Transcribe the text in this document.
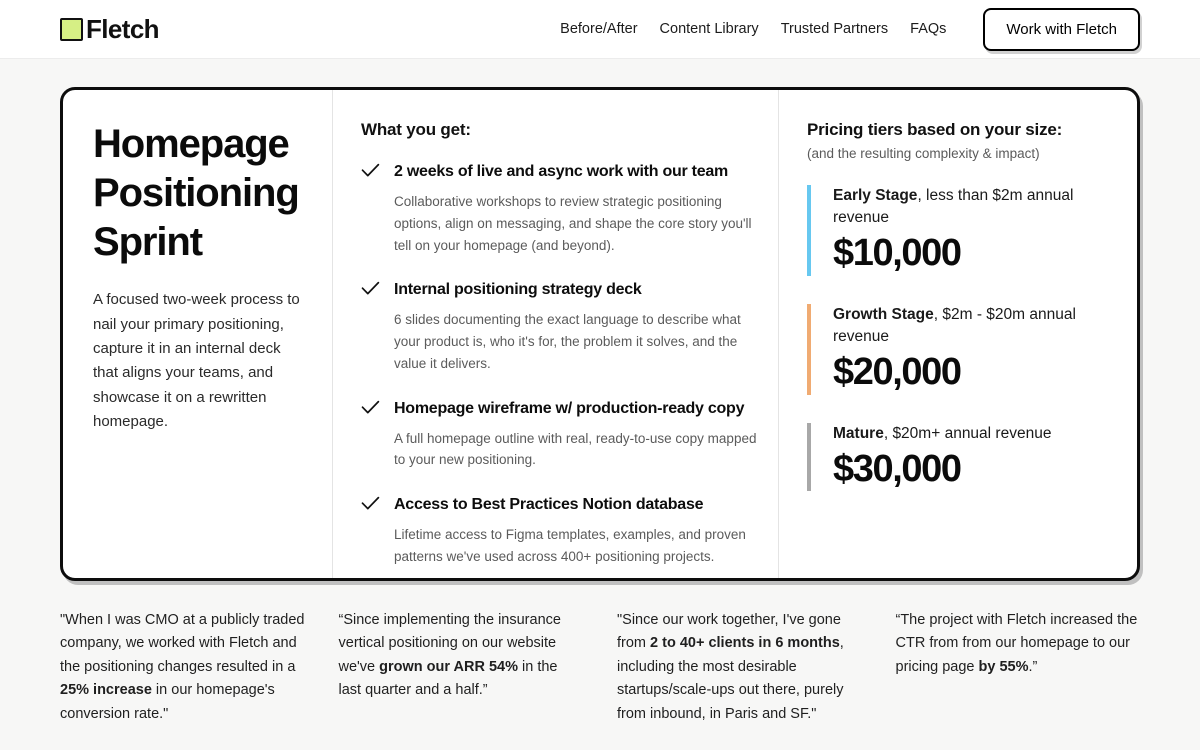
Fletch	Before/After Content Library Trusted Partners FAQs	Work with Fletch
Homepage Positioning Sprint

A focused two-week process to nail your primary positioning, capture it in an internal deck that aligns your teams, and showcase it on a rewritten homepage.

What you get:
2 weeks of live and async work with our team
Collaborative workshops to review strategic positioning options, align on messaging, and shape the core story you'll tell on your homepage (and beyond).
Internal positioning strategy deck
6 slides documenting the exact language to describe what your product is, who it's for, the problem it solves, and the value it delivers.
Homepage wireframe w/ production-ready copy
A full homepage outline with real, ready-to-use copy mapped to your new positioning.
Access to Best Practices Notion database
Lifetime access to Figma templates, examples, and proven patterns we've used across 400+ positioning projects.
Pricing tiers based on your size:
(and the resulting complexity & impact)
Early Stage, less than $2m annual revenue
$10,000
Growth Stage, $2m - $20m annual revenue
$20,000
Mature, $20m+ annual revenue
$30,000
"When I was CMO at a publicly traded company, we worked with Fletch and the positioning changes resulted in a 25% increase in our homepage's conversion rate."
“Since implementing the insurance vertical positioning on our website we've grown our ARR 54% in the last quarter and a half.”
"Since our work together, I've gone from 2 to 40+ clients in 6 months, including the most desirable startups/scale-ups out there, purely from inbound, in Paris and SF."
“The project with Fletch increased the CTR from from our homepage to our pricing page by 55%.”
